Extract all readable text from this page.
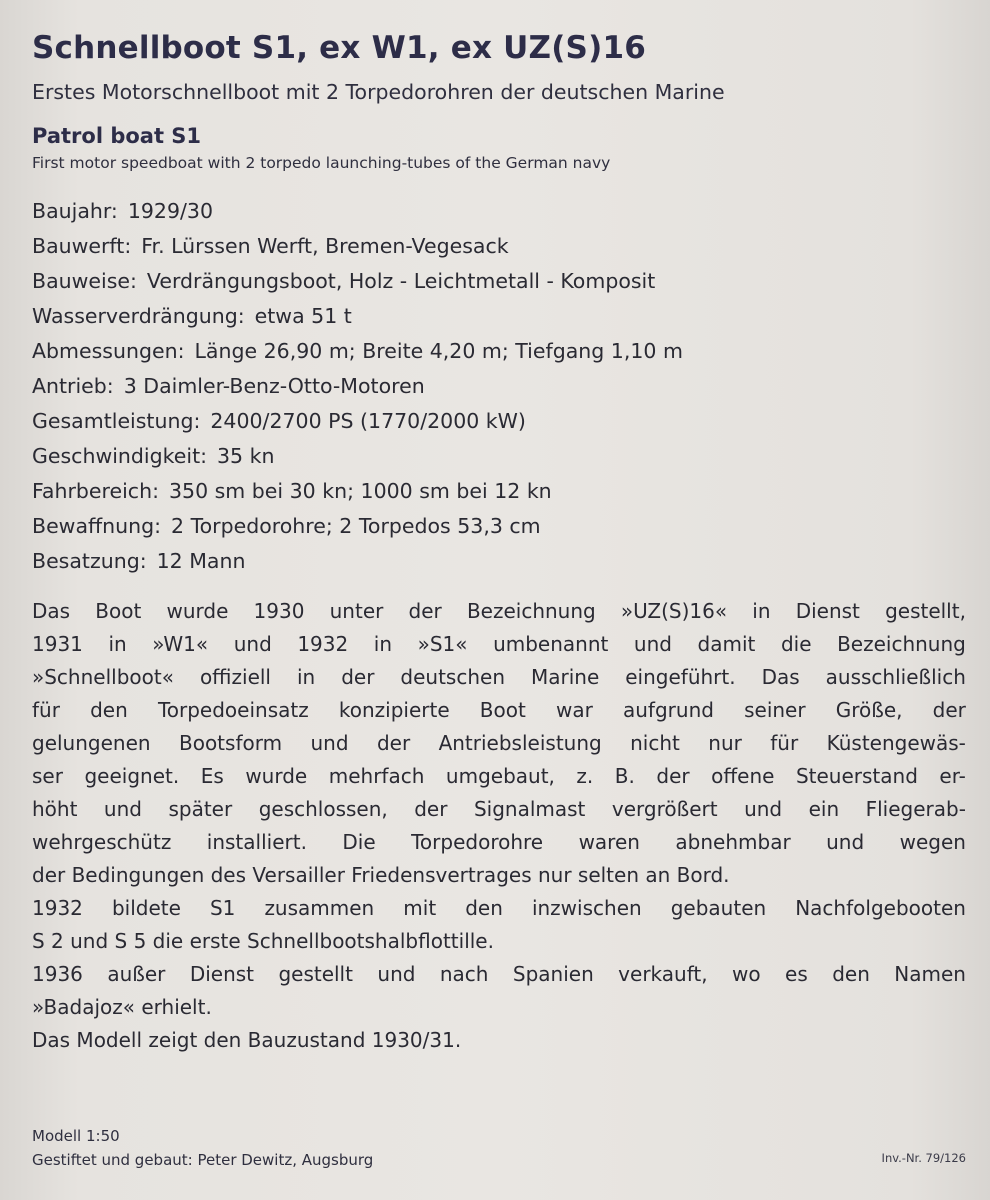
Schnellboot S1, ex W1, ex UZ(S)16
Erstes Motorschnellboot mit 2 Torpedorohren der deutschen Marine
Patrol boat S1
First motor speedboat with 2 torpedo launching-tubes of the German navy
Baujahr: 1929/30
Bauwerft: Fr. Lürssen Werft, Bremen-Vegesack
Bauweise: Verdrängungsboot, Holz - Leichtmetall - Komposit
Wasserverdrängung: etwa 51 t
Abmessungen: Länge 26,90 m; Breite 4,20 m; Tiefgang 1,10 m
Antrieb: 3 Daimler-Benz-Otto-Motoren
Gesamtleistung: 2400/2700 PS (1770/2000 kW)
Geschwindigkeit: 35 kn
Fahrbereich: 350 sm bei 30 kn; 1000 sm bei 12 kn
Bewaffnung: 2 Torpedorohre; 2 Torpedos 53,3 cm
Besatzung: 12 Mann
Das Boot wurde 1930 unter der Bezeichnung »UZ(S)16« in Dienst gestellt,
1931 in »W1« und 1932 in »S1« umbenannt und damit die Bezeichnung
»Schnellboot« offiziell in der deutschen Marine eingeführt. Das ausschließlich
für den Torpedoeinsatz konzipierte Boot war aufgrund seiner Größe, der
gelungenen Bootsform und der Antriebsleistung nicht nur für Küstengewäs-
ser geeignet. Es wurde mehrfach umgebaut, z. B. der offene Steuerstand er-
höht und später geschlossen, der Signalmast vergrößert und ein Fliegerab-
wehrgeschütz installiert. Die Torpedorohre waren abnehmbar und wegen
der Bedingungen des Versailler Friedensvertrages nur selten an Bord.
1932 bildete S1 zusammen mit den inzwischen gebauten Nachfolgebooten
S 2 und S 5 die erste Schnellbootshalbflottille.
1936 außer Dienst gestellt und nach Spanien verkauft, wo es den Namen
»Badajoz« erhielt.
Das Modell zeigt den Bauzustand 1930/31.
Modell 1:50
Gestiftet und gebaut: Peter Dewitz, Augsburg	Inv.-Nr. 79/126
